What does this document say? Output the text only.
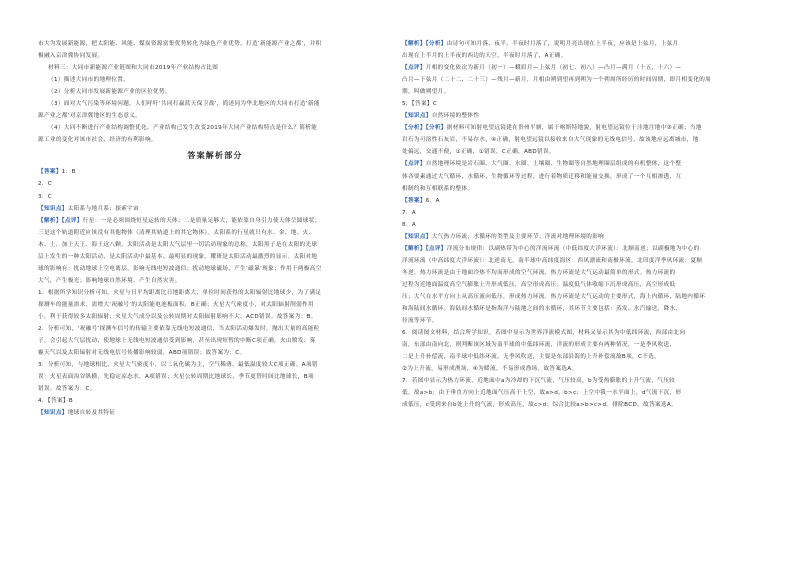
市大为发展新能源，把太阳能、风能、煤炭资源富集优势转化为绿色产业优势，打造‘新能源产业之都’，并积

极融入京津冀协同发展。

材料三：大同市新能源产业链图和大同市2019年产业结构占比图

（1）描述大同市的地理位置。

（2）分析大同市发展新能源产业的区位优势。

（3）面对大气污染等环境问题，人们呼吁‘共同打赢蓝天保卫战’，简述同为华北地区的大同市打造‘新能

源产业之都’对京津冀地区的生态意义。

（4）大同不断进行产业结构调整优化，产业结构已发生改变2019年大同产业结构特点是什么？简析能

源工业的变化对该市社会、经济的有利影响。

答案解析部分

【答案】1．B

2．C

3．C

【知识点】太阳系与地月系；探索宇宙

【解析】【点评】行星：一是必须围绕恒星运转的天体；二是质量足够大，能依靠自身引力使天体呈圆球状；

三是这个轨道附近应该没有其他物体（清理其轨道上的其它物体）。太阳系的行星就只有水、金、地、火、

木、土，加上天王、海王这八颗。太阳活动是太阳大气层里一切活动现象的总称。太阳黑子是在太阳的光球

层上发生的一种太阳活动，是太阳活动中最基本、最明显的现象。耀斑是太阳活动最激烈的显示。太阳对地

球的影响有：扰动地球上空电离层，影响无线电短波通信；扰动地球磁场，产生‘磁暴’现象；作用于两极高空

大气，产生极光；影响地球自然环境，产生自然灾害。

1．根据所学知识分析可知，火星与日平均距离比日地距离大，单位时间获得的太阳辐射比地球少，为了满足

探测车的能量需求，需增大‘祝融号’的太阳能电池板面积，B正确；火星大气密度小，对太阳辐射削弱作用

小，利于获得较多太阳辐射；火星大气成分以及公转周期对太阳辐射影响不大，ACD错误。故答案为：B。

2．分析可知，‘祝融号’探测车信号的传输主要依靠无线电短波通信，当太阳活动爆发时，抛出大量的高能粒

子，会引起大气层扰动，使地球上无线电短波通信受到影响，甚至出现短暂的中断C项正确。火山喷发、雾

霾天气以及太阳辐射对无线电信号传播影响较弱，ABD项错误；故答案为：C。

3．分析可知，与地球相比，火星大气密度小，以二氧化碳为主，空气稀薄，最低温度较大C项正确。A项错

误：火星表面沟谷纵横，先稳定凉态水，A项错误；火星公转周期比地球长，季节更替时间比地球长，B项

错误。故答案为：C。

4．【答案】B

【知识点】地球自转及其特征

【解析】【分析】由诗句可知月落、夜半，半夜时月落了，说明月亮出现在上半夜，应该是上弦月，上弦月

出现在上半月的上半夜的西边的天空，半夜时月落了，A正确。

【点评】月相的变化依次为新月（初一）—蛾眉月—上弦月（初七、初八）—凸月—满月（十五，十六）—

凸月—下弦月（二十二、二十三）—残月—新月，月相由朔到望再到朔为一个朔周所经历的时间周期，即月相变化的周

期，叫做朔望月。

5．【答案】C

【知识点】自然环境的整体性

【分析】【分析】据材料可知射电望远镜建在贵州平塘，属于喀斯特地貌，射电望远镜位于洼地注地中③正确；当地

岩石为可溶性石灰岩，不易存水，④正确，射电望远镜以接收来自大气现象的无线电信号，故该地应远离城市，地

处偏远，交通不便，①正确，①错误，C正确，ABD错误。

【点评】自然地理环境是岩石圈、大气圈、水圈、土壤圈、生物圈等自然地理圈层组成的有机整体，这个整

体各要素通过大气循环、水循环、生物循环等过程，进行着物质迁移和能量交换，形成了一个互相渗透、互

相制约和互相联系的整体。

【答案】6．A

7．A

8．A

【知识点】大气热力环流；水循环的类型及主要环节；洋流对地理环境的影响

【解析】【点评】洋流分布规律：以副热带为中心的洋流环流（中低纬度大洋环流）：北顺南逆；以副极地为中心的

洋流环流（中高纬度大洋环流）：北逆南无，南半球中高纬度海区：西风漂流和南极环流。北印度洋季风环流：夏顺

冬逆。热力环流是由于地面冷热不均而形成的空气环流，热力环流是大气运动最简单的形式。热力环流的

过程为近地面温度高空气膨胀上升形成低压，高空形成高压；温度低气体收缩下沉形成高压，高空形成低

压；大气在水平方向上从高压流向低压，形成热力环流。热力环流是大气运动的主要形式，海上内循环、陆地内循环

和海陆间水循环。海陆间水循环是指海洋与陆地之间的水循环，其环节主要包括：蒸发、水汽输送、降水、

径流等环节。

6．阅读图文材料，结合所学知识，若图中显示为世界洋流模式图，材料又显示其为中低纬环流，西部由北向

南，东部由南向北，则判断该区域为南半球的中低纬环流，洋流的形成主要有两种情况，一是季风吹送，

二是上升补偿流，南半球中低纬环流，无季风吹送，主要是东部沿海的上升补偿流故B项，C不选，

②为上升流，易形成渔场，④为暖流，不易形成渔场，故答案选A。

7．若图中显示为热力环流，近地面中a为冷却的下沉气流，气压较高，b为受热膨胀的上升气流，气压较

低，故a>b；由于垂直方向上近地面气压高于上空，故a>d，b>c；上空中我一水平面上，d气流下沉，形

成低压，c受到来自b处上升的气流，形成高压，故c>d；综合比较a>b>c>d。排除BCD，故答案选A。
